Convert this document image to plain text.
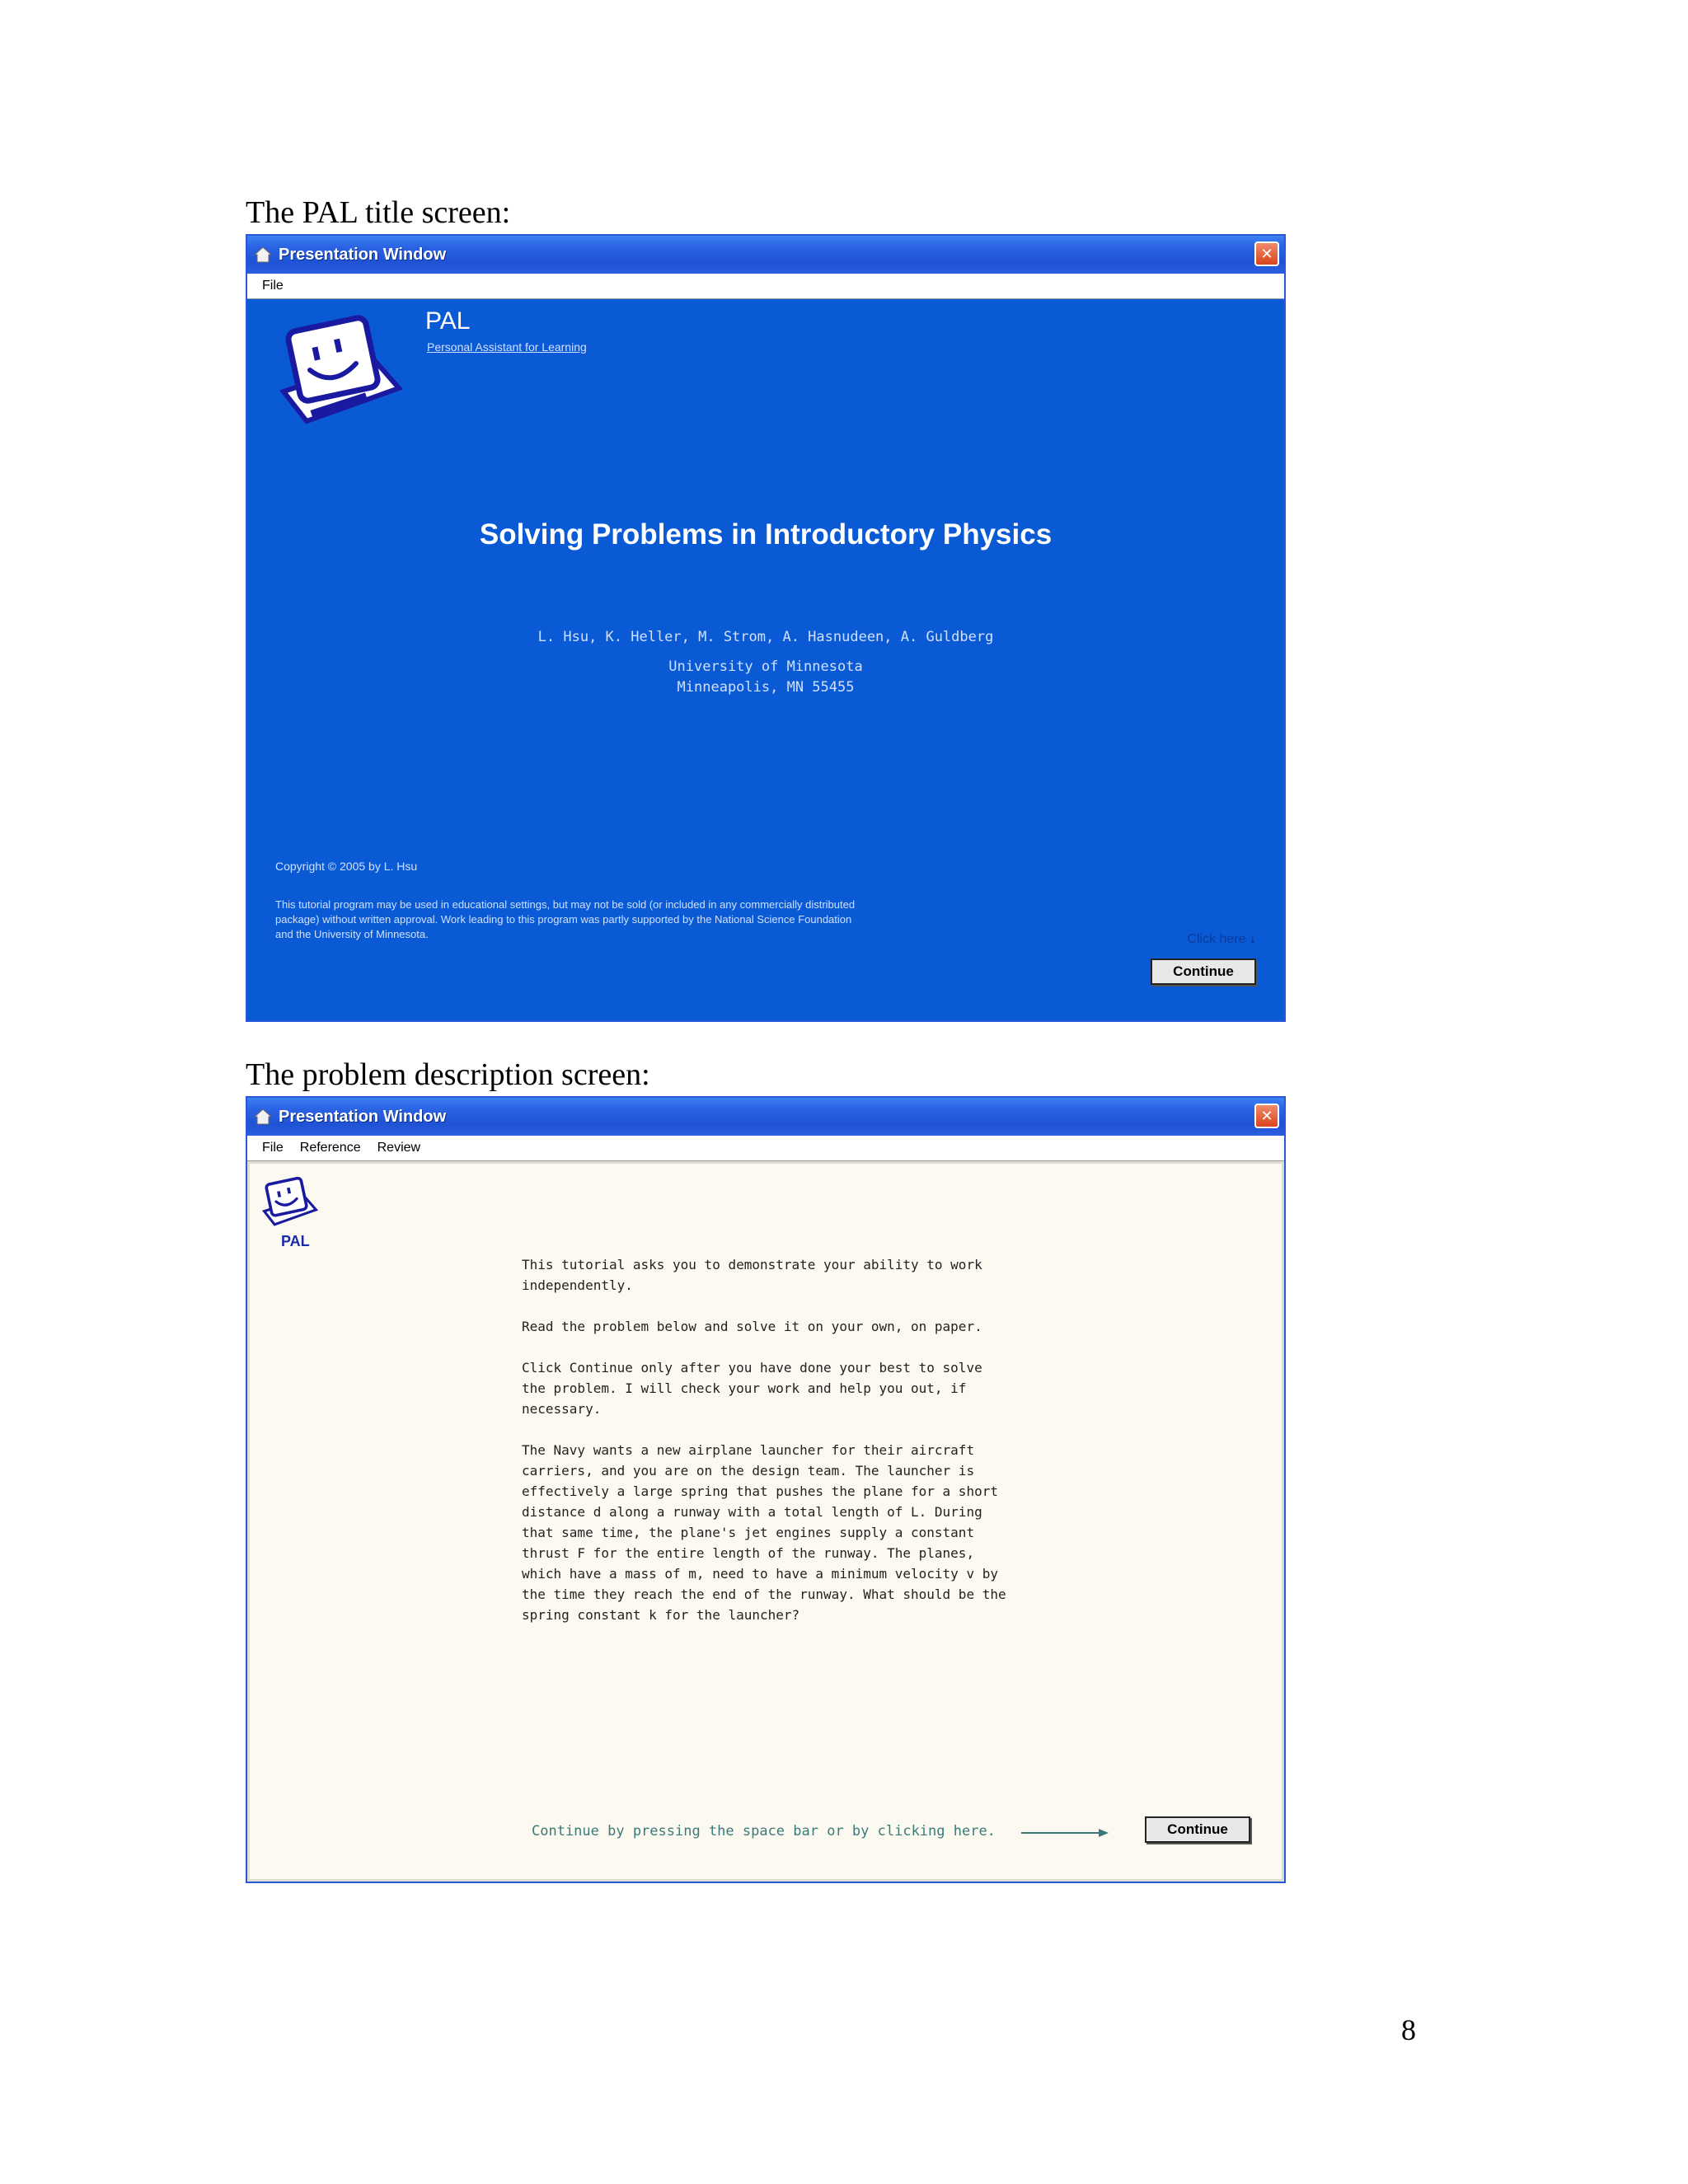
The PAL title screen:
Presentation Window	✕
File
PAL
Personal Assistant for Learning
Solving Problems in Introductory Physics
L. Hsu, K. Heller, M. Strom, A. Hasnudeen, A. Guldberg
University of Minnesota
Minneapolis, MN 55455
Copyright © 2005 by L. Hsu
This tutorial program may be used in educational settings, but may not be sold (or included in any commercially distributed package) without written approval. Work leading to this program was partly supported by the National Science Foundation and the University of Minnesota.	Click here ↓
Continue
The problem description screen:
Presentation Window	✕
File Reference Review
PAL

This tutorial asks you to demonstrate your ability to work independently.

Read the problem below and solve it on your own, on paper.

Click Continue only after you have done your best to solve the problem. I will check your work and help you out, if necessary.

The Navy wants a new airplane launcher for their aircraft carriers, and you are on the design team. The launcher is effectively a large spring that pushes the plane for a short distance d along a runway with a total length of L. During that same time, the plane's jet engines supply a constant thrust F for the entire length of the runway. The planes, which have a mass of m, need to have a minimum velocity v by the time they reach the end of the runway. What should be the spring constant k for the launcher?

Continue by pressing the space bar or by clicking here.	Continue
8
